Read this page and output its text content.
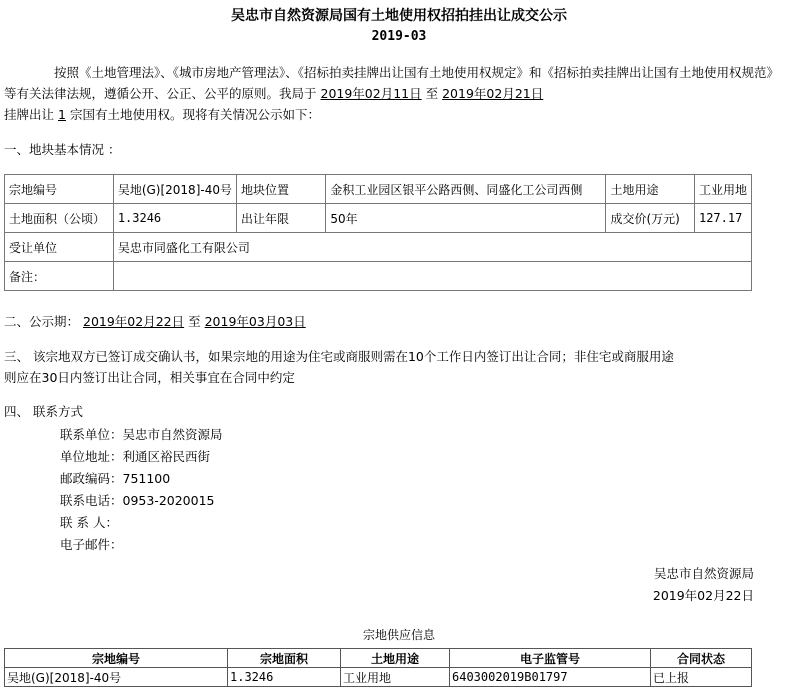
吴忠市自然资源局国有土地使用权招拍挂出让成交公示
2019-03
按照《土地管理法》、《城市房地产管理法》、《招标拍卖挂牌出让国有土地使用权规定》和《招标拍卖挂牌出让国有土地使用权规范》等有关法律法规，遵循公开、公正、公平的原则。我局于 2019年02月11日 至 2019年02月21日
挂牌出让 1 宗国有土地使用权。现将有关情况公示如下：
一、地块基本情况 ：
宗地编号	吴地(G)[2018]-40号	地块位置	金积工业园区银平公路西侧、同盛化工公司西侧	土地用途	工业用地
土地面积（公顷）	1.3246	出让年限	50年	成交价(万元)	127.17
受让单位	吴忠市同盛化工有限公司				
备注：					
二、公示期： 2019年02月22日 至 2019年03月03日
三、 该宗地双方已签订成交确认书，如果宗地的用途为住宅或商服则需在10个工作日内签订出让合同；非住宅或商服用途
则应在30日内签订出让合同，相关事宜在合同中约定
四、 联系方式
联系单位：吴忠市自然资源局
单位地址：利通区裕民西街
邮政编码：751100
联系电话：0953-2020015
联 系 人：
电子邮件：
吴忠市自然资源局
2019年02月22日
宗地供应信息
宗地编号	宗地面积	土地用途	电子监管号	合同状态
吴地(G)[2018]-40号	1.3246	工业用地	6403002019B01797	已上报
